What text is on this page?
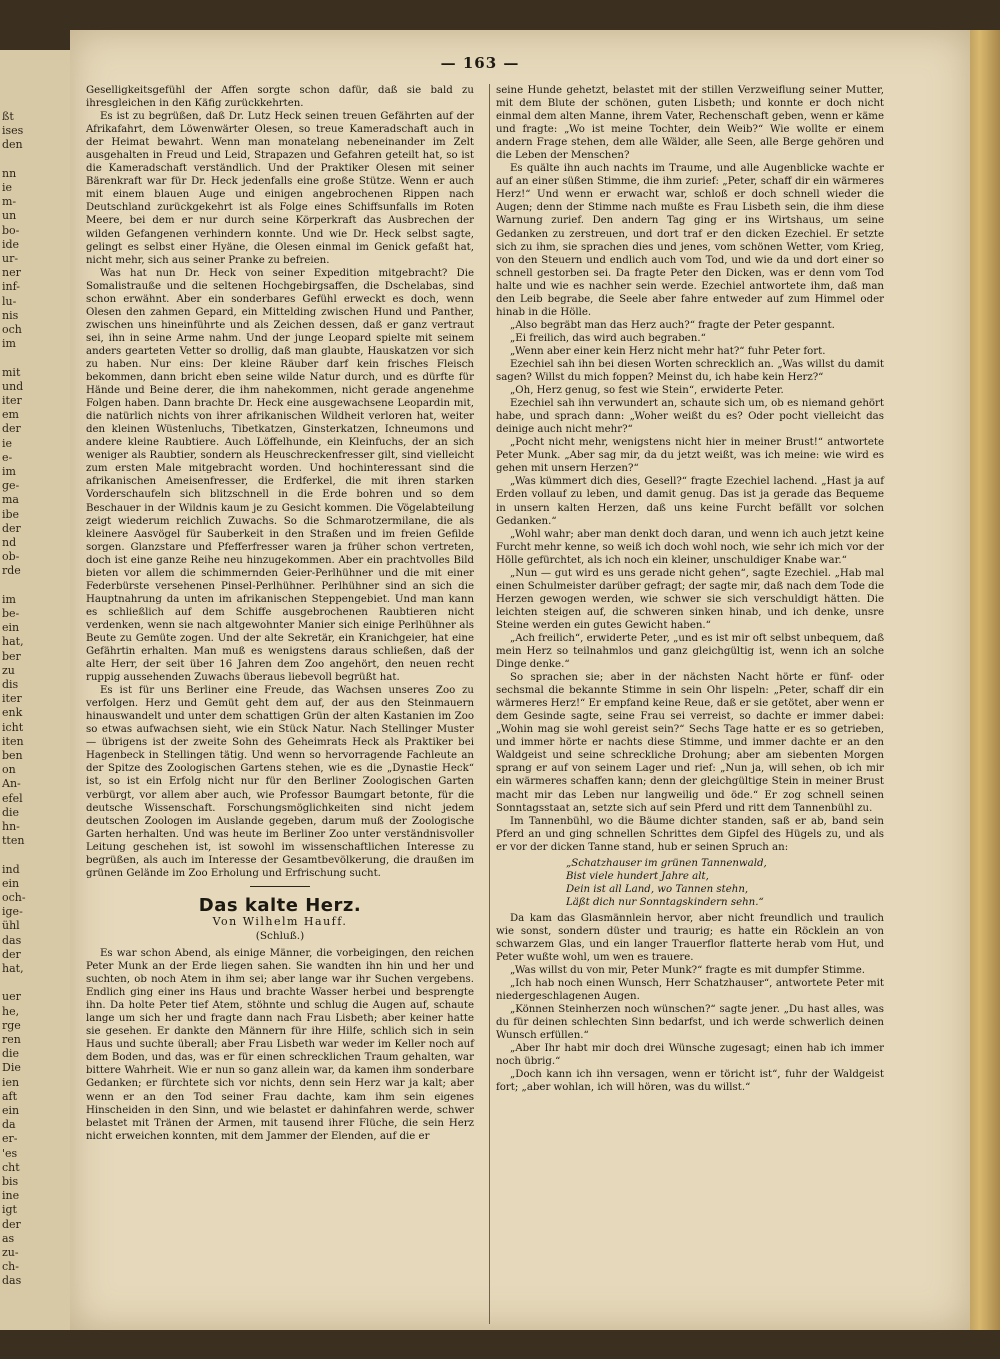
ßt
ises
den
nn
ie
m-
un
bo-
ide
ur-
ner
inf-
lu-
nis
och
im
mit
und
iter
em
der
ie
e-
im
ge-
ma
ibe
der
nd
ob-
rde
im
be-
ein
hat,
ber
zu
dis
iter
enk
icht
iten
ben
on
An-
efel
die
hn-
tten
ind
ein
och-
ige-
ühl
das
der
hat,
uer
he,
rge
ren
die
Die
ien
aft
ein
da
er-
'es
cht
bis
ine
igt
der
as
zu-
ch-
das
— 163 —

Geselligkeitsgefühl der Affen sorgte schon dafür, daß sie bald zu ihresgleichen in den Käfig zurückkehrten.

Es ist zu begrüßen, daß Dr. Lutz Heck seinen treuen Gefährten auf der Afrikafahrt, dem Löwenwärter Olesen, so treue Kameradschaft auch in der Heimat bewahrt. Wenn man monatelang nebeneinander im Zelt ausgehalten in Freud und Leid, Strapazen und Gefahren geteilt hat, so ist die Kameradschaft verständlich. Und der Praktiker Olesen mit seiner Bärenkraft war für Dr. Heck jedenfalls eine große Stütze. Wenn er auch mit einem blauen Auge und einigen angebrochenen Rippen nach Deutschland zurückgekehrt ist als Folge eines Schiffsunfalls im Roten Meere, bei dem er nur durch seine Körperkraft das Ausbrechen der wilden Gefangenen verhindern konnte. Und wie Dr. Heck selbst sagte, gelingt es selbst einer Hyäne, die Olesen einmal im Genick gefaßt hat, nicht mehr, sich aus seiner Pranke zu befreien.

Was hat nun Dr. Heck von seiner Expedition mitgebracht? Die Somalistrauße und die seltenen Hochgebirgsaffen, die Dschelabas, sind schon erwähnt. Aber ein sonderbares Gefühl erweckt es doch, wenn Olesen den zahmen Gepard, ein Mittelding zwischen Hund und Panther, zwischen uns hineinführte und als Zeichen dessen, daß er ganz vertraut sei, ihn in seine Arme nahm. Und der junge Leopard spielte mit seinem anders gearteten Vetter so drollig, daß man glaubte, Hauskatzen vor sich zu haben. Nur eins: Der kleine Räuber darf kein frisches Fleisch bekommen, dann bricht eben seine wilde Natur durch, und es dürfte für Hände und Beine derer, die ihm nahekommen, nicht gerade angenehme Folgen haben. Dann brachte Dr. Heck eine ausgewachsene Leopardin mit, die natürlich nichts von ihrer afrikanischen Wildheit verloren hat, weiter den kleinen Wüstenluchs, Tibetkatzen, Ginsterkatzen, Ichneumons und andere kleine Raubtiere. Auch Löffelhunde, ein Kleinfuchs, der an sich weniger als Raubtier, sondern als Heuschreckenfresser gilt, sind vielleicht zum ersten Male mitgebracht worden. Und hochinteressant sind die afrikanischen Ameisenfresser, die Erdferkel, die mit ihren starken Vorderschaufeln sich blitzschnell in die Erde bohren und so dem Beschauer in der Wildnis kaum je zu Gesicht kommen. Die Vögelabteilung zeigt wiederum reichlich Zuwachs. So die Schmarotzermilane, die als kleinere Aasvögel für Sauberkeit in den Straßen und im freien Gefilde sorgen. Glanzstare und Pfefferfresser waren ja früher schon vertreten, doch ist eine ganze Reihe neu hinzugekommen. Aber ein prachtvolles Bild bieten vor allem die schimmernden Geier-Perlhühner und die mit einer Federbürste versehenen Pinsel-Perlhühner. Perlhühner sind an sich die Hauptnahrung da unten im afrikanischen Steppengebiet. Und man kann es schließlich auf dem Schiffe ausgebrochenen Raubtieren nicht verdenken, wenn sie nach altgewohnter Manier sich einige Perlhühner als Beute zu Gemüte zogen. Und der alte Sekretär, ein Kranichgeier, hat eine Gefährtin erhalten. Man muß es wenigstens daraus schließen, daß der alte Herr, der seit über 16 Jahren dem Zoo angehört, den neuen recht ruppig aussehenden Zuwachs überaus liebevoll begrüßt hat.

Es ist für uns Berliner eine Freude, das Wachsen unseres Zoo zu verfolgen. Herz und Gemüt geht dem auf, der aus den Steinmauern hinauswandelt und unter dem schattigen Grün der alten Kastanien im Zoo so etwas aufwachsen sieht, wie ein Stück Natur. Nach Stellinger Muster — übrigens ist der zweite Sohn des Geheimrats Heck als Praktiker bei Hagenbeck in Stellingen tätig. Und wenn so hervorragende Fachleute an der Spitze des Zoologischen Gartens stehen, wie es die „Dynastie Heck“ ist, so ist ein Erfolg nicht nur für den Berliner Zoologischen Garten verbürgt, vor allem aber auch, wie Professor Baumgart betonte, für die deutsche Wissenschaft. Forschungsmöglichkeiten sind nicht jedem deutschen Zoologen im Auslande gegeben, darum muß der Zoologische Garten herhalten. Und was heute im Berliner Zoo unter verständnisvoller Leitung geschehen ist, ist sowohl im wissenschaftlichen Interesse zu begrüßen, als auch im Interesse der Gesamtbevölkerung, die draußen im grünen Gelände im Zoo Erholung und Erfrischung sucht.

Das kalte Herz.
Von Wilhelm Hauff.
(Schluß.)

Es war schon Abend, als einige Männer, die vorbeigingen, den reichen Peter Munk an der Erde liegen sahen. Sie wandten ihn hin und her und suchten, ob noch Atem in ihm sei; aber lange war ihr Suchen vergebens. Endlich ging einer ins Haus und brachte Wasser herbei und besprengte ihn. Da holte Peter tief Atem, stöhnte und schlug die Augen auf, schaute lange um sich her und fragte dann nach Frau Lisbeth; aber keiner hatte sie gesehen. Er dankte den Männern für ihre Hilfe, schlich sich in sein Haus und suchte überall; aber Frau Lisbeth war weder im Keller noch auf dem Boden, und das, was er für einen schrecklichen Traum gehalten, war bittere Wahrheit. Wie er nun so ganz allein war, da kamen ihm sonderbare Gedanken; er fürchtete sich vor nichts, denn sein Herz war ja kalt; aber wenn er an den Tod seiner Frau dachte, kam ihm sein eigenes Hinscheiden in den Sinn, und wie belastet er dahinfahren werde, schwer belastet mit Tränen der Armen, mit tausend ihrer Flüche, die sein Herz nicht erweichen konnten, mit dem Jammer der Elenden, auf die er

seine Hunde gehetzt, belastet mit der stillen Verzweiflung seiner Mutter, mit dem Blute der schönen, guten Lisbeth; und konnte er doch nicht einmal dem alten Manne, ihrem Vater, Rechenschaft geben, wenn er käme und fragte: „Wo ist meine Tochter, dein Weib?“ Wie wollte er einem andern Frage stehen, dem alle Wälder, alle Seen, alle Berge gehören und die Leben der Menschen?

Es quälte ihn auch nachts im Traume, und alle Augenblicke wachte er auf an einer süßen Stimme, die ihm zurief: „Peter, schaff dir ein wärmeres Herz!“ Und wenn er erwacht war, schloß er doch schnell wieder die Augen; denn der Stimme nach mußte es Frau Lisbeth sein, die ihm diese Warnung zurief. Den andern Tag ging er ins Wirtshaus, um seine Gedanken zu zerstreuen, und dort traf er den dicken Ezechiel. Er setzte sich zu ihm, sie sprachen dies und jenes, vom schönen Wetter, vom Krieg, von den Steuern und endlich auch vom Tod, und wie da und dort einer so schnell gestorben sei. Da fragte Peter den Dicken, was er denn vom Tod halte und wie es nachher sein werde. Ezechiel antwortete ihm, daß man den Leib begrabe, die Seele aber fahre entweder auf zum Himmel oder hinab in die Hölle.

„Also begräbt man das Herz auch?“ fragte der Peter gespannt.

„Ei freilich, das wird auch begraben.“

„Wenn aber einer kein Herz nicht mehr hat?“ fuhr Peter fort.

Ezechiel sah ihn bei diesen Worten schrecklich an. „Was willst du damit sagen? Willst du mich foppen? Meinst du, ich habe kein Herz?“

„Oh, Herz genug, so fest wie Stein“, erwiderte Peter.

Ezechiel sah ihn verwundert an, schaute sich um, ob es niemand gehört habe, und sprach dann: „Woher weißt du es? Oder pocht vielleicht das deinige auch nicht mehr?“

„Pocht nicht mehr, wenigstens nicht hier in meiner Brust!“ antwortete Peter Munk. „Aber sag mir, da du jetzt weißt, was ich meine: wie wird es gehen mit unsern Herzen?“

„Was kümmert dich dies, Gesell?“ fragte Ezechiel lachend. „Hast ja auf Erden vollauf zu leben, und damit genug. Das ist ja gerade das Bequeme in unsern kalten Herzen, daß uns keine Furcht befällt vor solchen Gedanken.“

„Wohl wahr; aber man denkt doch daran, und wenn ich auch jetzt keine Furcht mehr kenne, so weiß ich doch wohl noch, wie sehr ich mich vor der Hölle gefürchtet, als ich noch ein kleiner, unschuldiger Knabe war.“

„Nun — gut wird es uns gerade nicht gehen“, sagte Ezechiel. „Hab mal einen Schulmeister darüber gefragt; der sagte mir, daß nach dem Tode die Herzen gewogen werden, wie schwer sie sich verschuldigt hätten. Die leichten steigen auf, die schweren sinken hinab, und ich denke, unsre Steine werden ein gutes Gewicht haben.“

„Ach freilich“, erwiderte Peter, „und es ist mir oft selbst unbequem, daß mein Herz so teilnahmlos und ganz gleichgültig ist, wenn ich an solche Dinge denke.“

So sprachen sie; aber in der nächsten Nacht hörte er fünf- oder sechsmal die bekannte Stimme in sein Ohr lispeln: „Peter, schaff dir ein wärmeres Herz!“ Er empfand keine Reue, daß er sie getötet, aber wenn er dem Gesinde sagte, seine Frau sei verreist, so dachte er immer dabei: „Wohin mag sie wohl gereist sein?“ Sechs Tage hatte er es so getrieben, und immer hörte er nachts diese Stimme, und immer dachte er an den Waldgeist und seine schreckliche Drohung; aber am siebenten Morgen sprang er auf von seinem Lager und rief: „Nun ja, will sehen, ob ich mir ein wärmeres schaffen kann; denn der gleichgültige Stein in meiner Brust macht mir das Leben nur langweilig und öde.“ Er zog schnell seinen Sonntagsstaat an, setzte sich auf sein Pferd und ritt dem Tannenbühl zu.

Im Tannenbühl, wo die Bäume dichter standen, saß er ab, band sein Pferd an und ging schnellen Schrittes dem Gipfel des Hügels zu, und als er vor der dicken Tanne stand, hub er seinen Spruch an:

„Schatzhauser im grünen Tannenwald,
Bist viele hundert Jahre alt,
Dein ist all Land, wo Tannen stehn,
Läßt dich nur Sonntagskindern sehn.“

Da kam das Glasmännlein hervor, aber nicht freundlich und traulich wie sonst, sondern düster und traurig; es hatte ein Röcklein an von schwarzem Glas, und ein langer Trauerflor flatterte herab vom Hut, und Peter wußte wohl, um wen es trauere.

„Was willst du von mir, Peter Munk?“ fragte es mit dumpfer Stimme.

„Ich hab noch einen Wunsch, Herr Schatzhauser“, antwortete Peter mit niedergeschlagenen Augen.

„Können Steinherzen noch wünschen?“ sagte jener. „Du hast alles, was du für deinen schlechten Sinn bedarfst, und ich werde schwerlich deinen Wunsch erfüllen.“

„Aber Ihr habt mir doch drei Wünsche zugesagt; einen hab ich immer noch übrig.“

„Doch kann ich ihn versagen, wenn er töricht ist“, fuhr der Waldgeist fort; „aber wohlan, ich will hören, was du willst.“
